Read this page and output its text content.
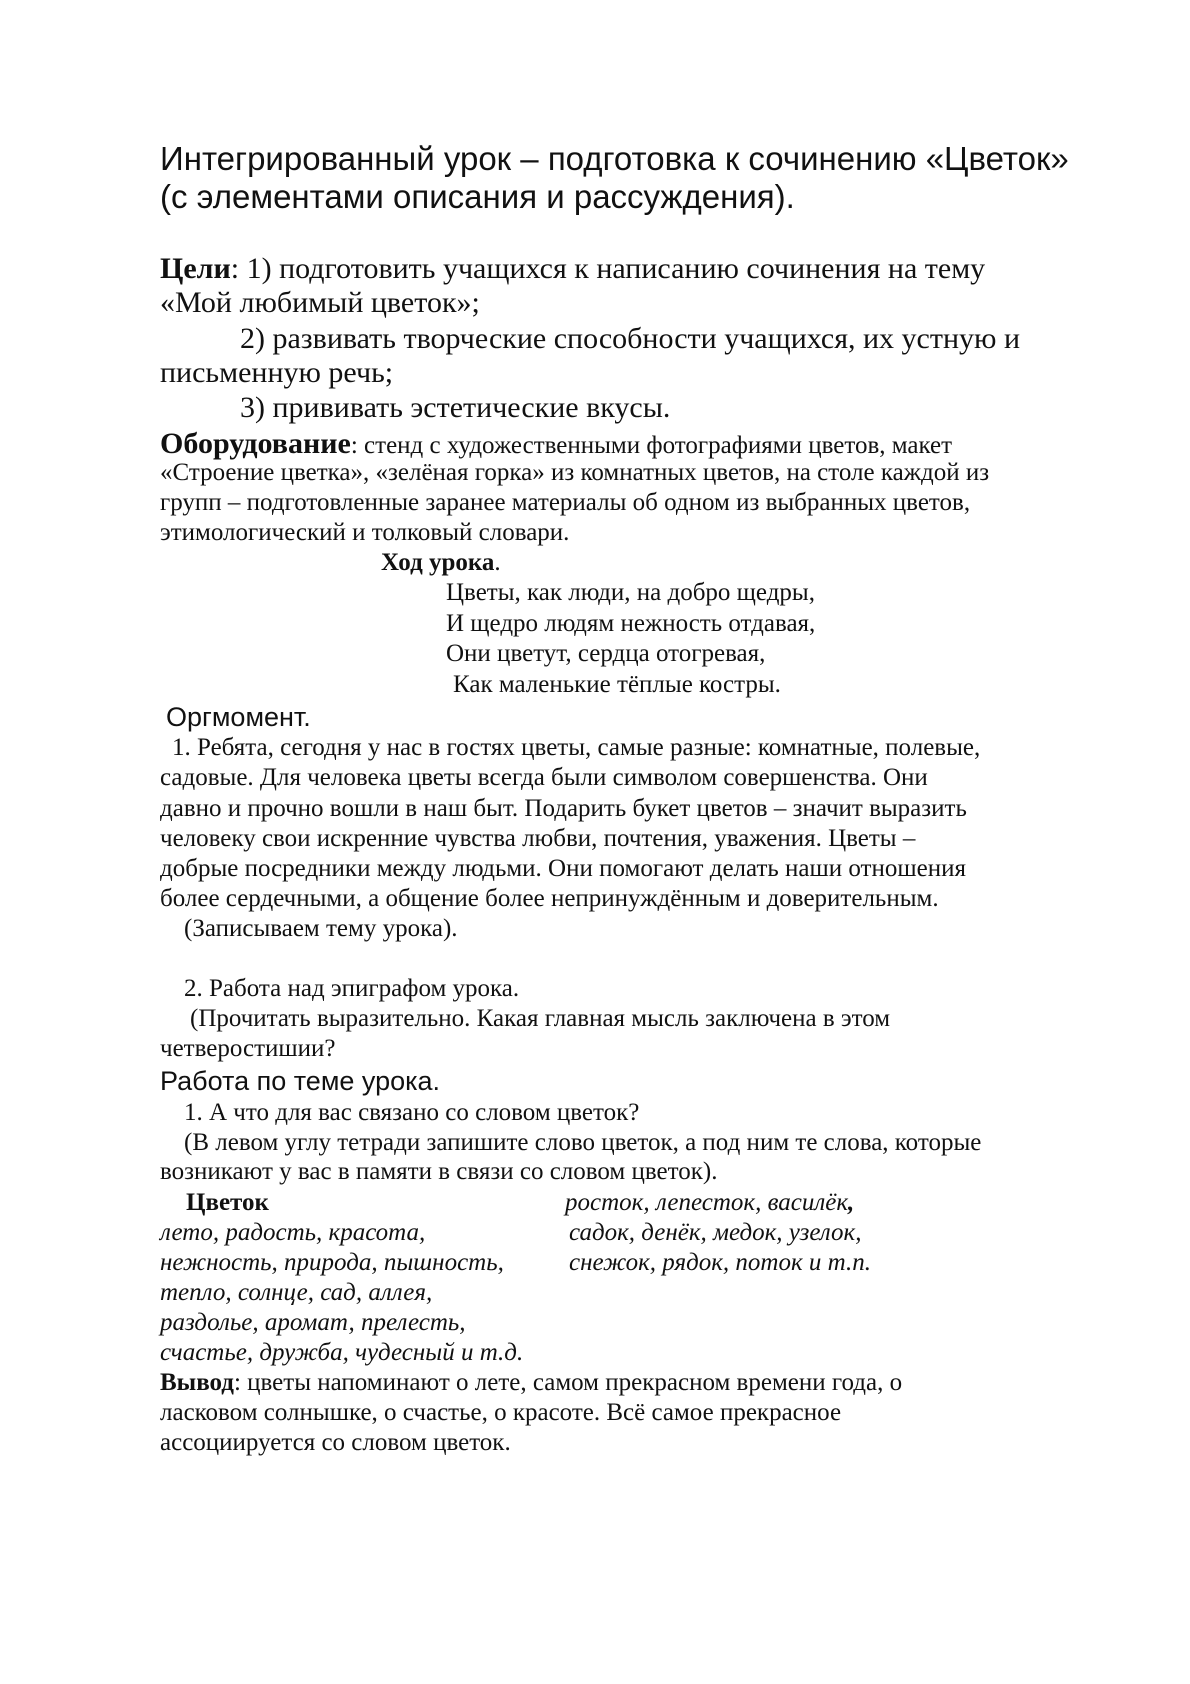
Интегрированный урок – подготовка к сочинению «Цветок»
(с элементами описания и рассуждения).
Цели: 1) подготовить учащихся к написанию сочинения на тему
«Мой любимый цветок»;
2) развивать творческие способности учащихся, их устную и
письменную речь;
3) прививать эстетические вкусы.
Оборудование: стенд с художественными фотографиями цветов, макет
«Строение цветка», «зелёная горка» из комнатных цветов, на столе каждой из
групп – подготовленные заранее материалы об одном из выбранных цветов,
этимологический и толковый словари.
Ход урока.
Цветы, как люди, на добро щедры,
И щедро людям нежность отдавая,
Они цветут, сердца отогревая,
Как маленькие тёплые костры.
Оргмомент.
1. Ребята, сегодня у нас в гостях цветы, самые разные: комнатные, полевые,
садовые. Для человека цветы всегда были символом совершенства. Они
давно и прочно вошли в наш быт. Подарить букет цветов – значит выразить
человеку свои искренние чувства любви, почтения, уважения. Цветы –
добрые посредники между людьми. Они помогают делать наши отношения
более сердечными, а общение более непринуждённым и доверительным.
(Записываем тему урока).
2. Работа над эпиграфом урока.
(Прочитать выразительно. Какая главная мысль заключена в этом
четверостишии?
Работа по теме урока.
1. А что для вас связано со словом цветок?
(В левом углу тетради запишите слово цветок, а под ним те слова, которые
возникают у вас в памяти в связи со словом цветок).
Цветок	росток, лепесток, василёк,
лето, радость, красота,	садок, денёк, медок, узелок,
нежность, природа, пышность,	снежок, рядок, поток и т.п.
тепло, солнце, сад, аллея,
раздолье, аромат, прелесть,
счастье, дружба, чудесный и т.д.
Вывод: цветы напоминают о лете, самом прекрасном времени года, о
ласковом солнышке, о счастье, о красоте. Всё самое прекрасное
ассоциируется со словом цветок.
